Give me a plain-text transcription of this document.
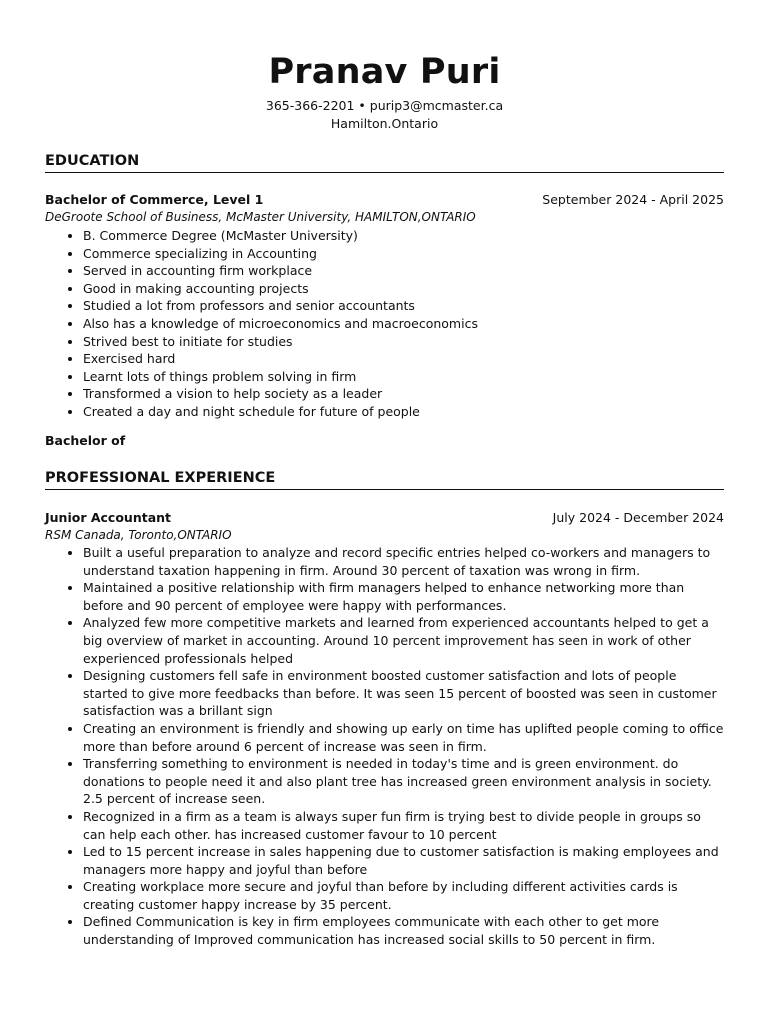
Pranav Puri
365-366-2201 • purip3@mcmaster.ca
Hamilton.Ontario
EDUCATION
Bachelor of Commerce, Level 1	September 2024 - April 2025
DeGroote School of Business, McMaster University, HAMILTON,ONTARIO
B. Commerce Degree (McMaster University)
Commerce specializing in Accounting
Served in accounting firm workplace
Good in making accounting projects
Studied a lot from professors and senior accountants
Also has a knowledge of microeconomics and macroeconomics
Strived best to initiate for studies
Exercised hard
Learnt lots of things problem solving in firm
Transformed a vision to help society as a leader
Created a day and night schedule for future of people
Bachelor of
PROFESSIONAL EXPERIENCE
Junior Accountant	July 2024 - December 2024
RSM Canada, Toronto,ONTARIO
Built a useful preparation to analyze and record specific entries helped co-workers and managers to understand taxation happening in firm. Around 30 percent of taxation was wrong in firm.
Maintained a positive relationship with firm managers helped to enhance networking more than before and 90 percent of employee were happy with performances.
Analyzed few more competitive markets and learned from experienced accountants helped to get a big overview of market in accounting. Around 10 percent improvement has seen in work of other experienced professionals helped
Designing customers fell safe in environment boosted customer satisfaction and lots of people started to give more feedbacks than before. It was seen 15 percent of boosted was seen in customer satisfaction was a brillant sign
Creating an environment is friendly and showing up early on time has uplifted people coming to office more than before around 6 percent of increase was seen in firm.
Transferring something to environment is needed in today's time and is green environment. do donations to people need it and also plant tree has increased green environment analysis in society. 2.5 percent of increase seen.
Recognized in a firm as a team is always super fun firm is trying best to divide people in groups so can help each other. has increased customer favour to 10 percent
Led to 15 percent increase in sales happening due to customer satisfaction is making employees and managers more happy and joyful than before
Creating workplace more secure and joyful than before by including different activities cards is creating customer happy increase by 35 percent.
Defined Communication is key in firm employees communicate with each other to get more understanding of Improved communication has increased social skills to 50 percent in firm.
